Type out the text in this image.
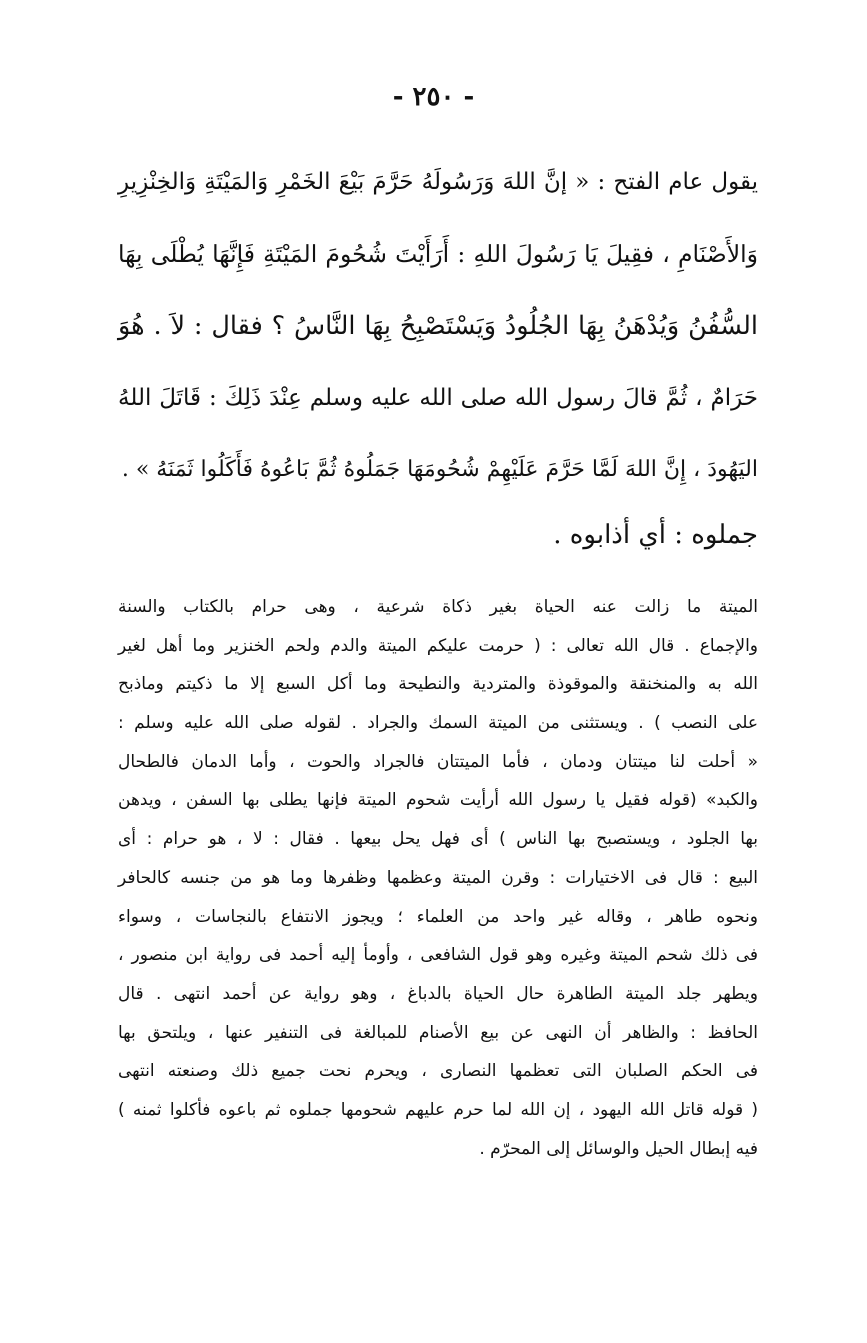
- ٢٥٠ -
يقول عام الفتح : « إنَّ اللهَ وَرَسُولَهُ حَرَّمَ بَيْعَ الخَمْرِ وَالمَيْتَةِ وَالخِنْزِيرِ
وَالأَصْنَامِ ، فقِيلَ يَا رَسُولَ اللهِ : أَرَأَيْتَ شُحُومَ المَيْتَةِ فَإِنَّهَا يُطْلَى بِهَا
السُّفُنُ وَيُدْهَنُ بِهَا الجُلُودُ وَيَسْتَصْبِحُ بِهَا النَّاسُ ؟ فقال : لاَ . هُوَ
حَرَامٌ ، ثُمَّ قالَ رسول الله صلى الله عليه وسلم عِنْدَ ذَلِكَ : قَاتَلَ اللهُ
اليَهُودَ ، إِنَّ اللهَ لَمَّا حَرَّمَ عَلَيْهِمْ شُحُومَهَا جَمَلُوهُ ثُمَّ بَاعُوهُ فَأَكَلُوا ثَمَنَهُ » .
جملوه : أي أذابوه .
الميتة ما زالت عنه الحياة بغير ذكاة شرعية ، وهى حرام بالكتاب والسنة
والإجماع . قال الله تعالى : ( حرمت عليكم الميتة والدم ولحم الخنزير وما أهل لغير
الله به والمنخنقة والموقوذة والمتردية والنطيحة وما أكل السبع إلا ما ذكيتم وماذبح
على النصب ) . ويستثنى من الميتة السمك والجراد . لقوله صلى الله عليه وسلم :
« أحلت لنا ميتتان ودمان ، فأما الميتتان فالجراد والحوت ، وأما الدمان فالطحال
والكبد» (قوله فقيل يا رسول الله أرأيت شحوم الميتة فإنها يطلى بها السفن ، ويدهن
بها الجلود ، ويستصبح بها الناس ) أى فهل يحل بيعها . فقال : لا ، هو حرام : أى
البيع : قال فى الاختيارات : وقرن الميتة وعظمها وظفرها وما هو من جنسه كالحافر
ونحوه طاهر ، وقاله غير واحد من العلماء ؛ ويجوز الانتفاع بالنجاسات ، وسواء
فى ذلك شحم الميتة وغيره وهو قول الشافعى ، وأومأ إليه أحمد فى رواية ابن منصور ،
ويطهر جلد الميتة الطاهرة حال الحياة بالدباغ ، وهو رواية عن أحمد انتهى . قال
الحافظ : والظاهر أن النهى عن بيع الأصنام للمبالغة فى التنفير عنها ، ويلتحق بها
فى الحكم الصلبان التى تعظمها النصارى ، ويحرم نحت جميع ذلك وصنعته انتهى
( قوله قاتل الله اليهود ، إن الله لما حرم عليهم شحومها جملوه ثم باعوه فأكلوا ثمنه )
فيه إبطال الحيل والوسائل إلى المحرّم .
